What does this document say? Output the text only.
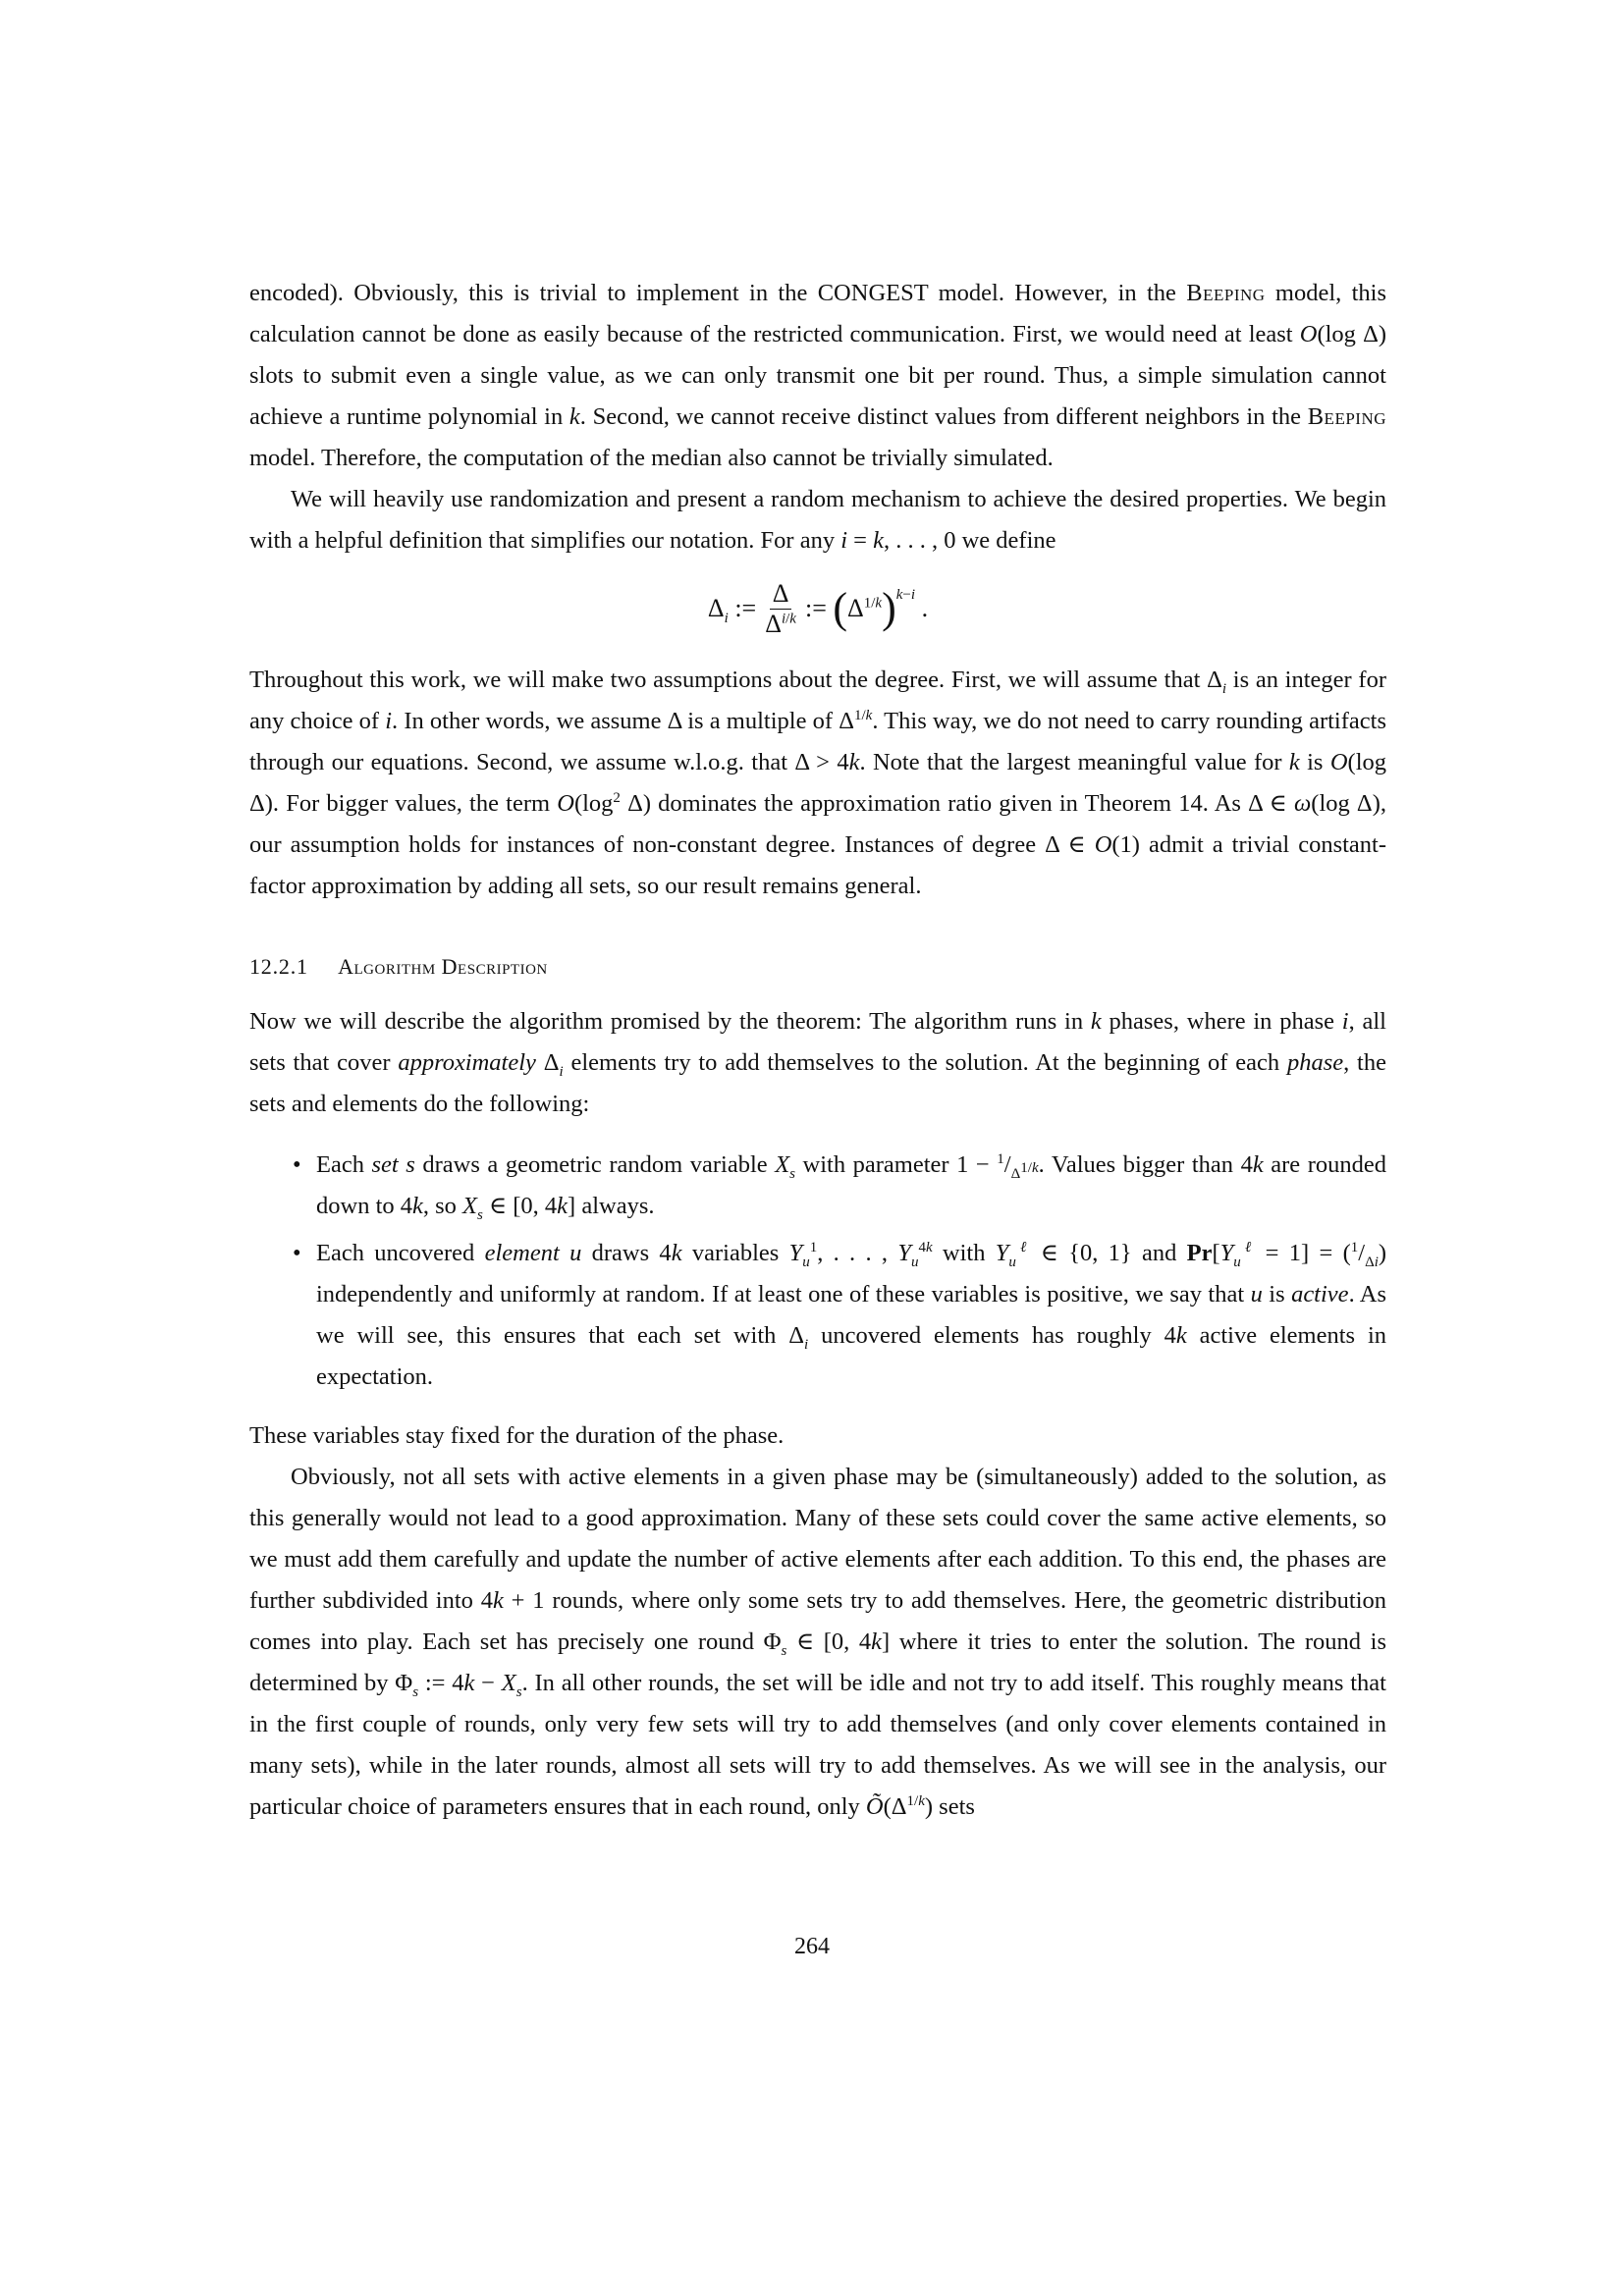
encoded). Obviously, this is trivial to implement in the CONGEST model. However, in the Beeping model, this calculation cannot be done as easily because of the restricted communication. First, we would need at least O(log Δ) slots to submit even a single value, as we can only transmit one bit per round. Thus, a simple simulation cannot achieve a runtime polynomial in k. Second, we cannot receive distinct values from different neighbors in the Beeping model. Therefore, the computation of the median also cannot be trivially simulated.

We will heavily use randomization and present a random mechanism to achieve the desired properties. We begin with a helpful definition that simplifies our notation. For any i = k, . . . , 0 we define

$\Delta_i$ := $\frac{\Delta}{\Delta^{i/k}}$ := ( $\Delta^{1/k}$ ) $^{k-i}$ .

Throughout this work, we will make two assumptions about the degree. First, we will assume that $\Delta_i$ is an integer for any choice of i. In other words, we assume Δ is a multiple of $\Delta^{1/k}$. This way, we do not need to carry rounding artifacts through our equations. Second, we assume w.l.o.g. that Δ > 4k. Note that the largest meaningful value for k is O(log Δ). For bigger values, the term $O(\log^2$ Δ) dominates the approximation ratio given in Theorem 14. As Δ ∈ ω(log Δ), our assumption holds for instances of non-constant degree. Instances of degree Δ ∈ O(1) admit a trivial constant-factor approximation by adding all sets, so our result remains general.

12.2.1 Algorithm Description

Now we will describe the algorithm promised by the theorem: The algorithm runs in k phases, where in phase i, all sets that cover approximately $\Delta_i$ elements try to add themselves to the solution. At the beginning of each phase, the sets and elements do the following:

• Each set s draws a geometric random variable $X_s$ with parameter $1 - ^1/_{\Delta^{1/k}}$. Values bigger than 4k are rounded down to 4k, so $X_s$ ∈ [0, 4k] always.
• Each uncovered element u draws 4k variables $Y_u^1$, . . . , $Y_u^{4k}$ with $Y_u^\ell$ ∈ {0, 1} and $Pr[Y_u^\ell = 1] = (^1/_{\Delta i})$ independently and uniformly at random. If at least one of these variables is positive, we say that u is active. As we will see, this ensures that each set with $\Delta_i$ uncovered elements has roughly 4k active elements in expectation.

These variables stay fixed for the duration of the phase.

Obviously, not all sets with active elements in a given phase may be (simultaneously) added to the solution, as this generally would not lead to a good approximation. Many of these sets could cover the same active elements, so we must add them carefully and update the number of active elements after each addition. To this end, the phases are further subdivided into 4k + 1 rounds, where only some sets try to add themselves. Here, the geometric distribution comes into play. Each set has precisely one round $\Phi_s$ ∈ [0, 4k] where it tries to enter the solution. The round is determined by $\Phi_s$ := $4k - X_s$. In all other rounds, the set will be idle and not try to add itself. This roughly means that in the first couple of rounds, only very few sets will try to add themselves (and only cover elements contained in many sets), while in the later rounds, almost all sets will try to add themselves. As we will see in the analysis, our particular choice of parameters ensures that in each round, only $Õ(\Delta^{1/k})$ sets

264
